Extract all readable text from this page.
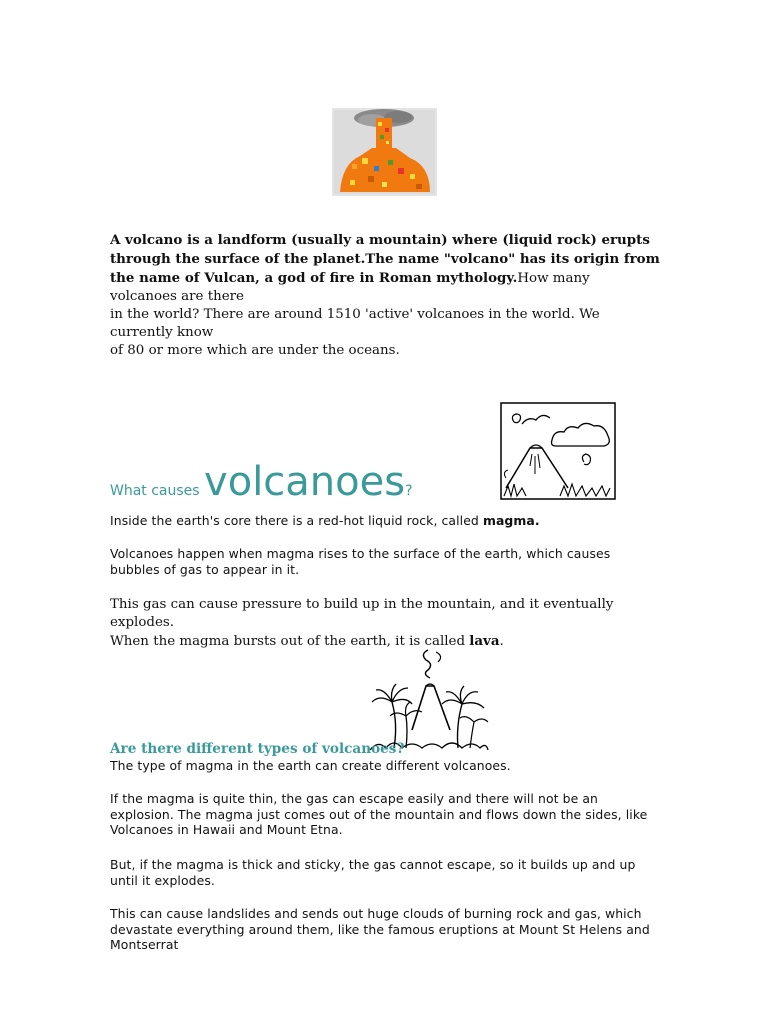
A volcano is a landform (usually a mountain) where (liquid rock) erupts through the surface of the planet.The name "volcano" has its origin from the name of Vulcan, a god of fire in Roman mythology.How many volcanoes are there
in the world? There are around 1510 'active' volcanoes in the world. We currently know
of 80 or more which are under the oceans.
What causes volcanoes?
Inside the earth's core there is a red-hot liquid rock, called magma.
Volcanoes happen when magma rises to the surface of the earth, which causes bubbles of gas to appear in it.
This gas can cause pressure to build up in the mountain, and it eventually explodes.
When the magma bursts out of the earth, it is called lava.
Are there different types of volcanoes?
The type of magma in the earth can create different volcanoes.
If the magma is quite thin, the gas can escape easily and there will not be an explosion. The magma just comes out of the mountain and flows down the sides, like Volcanoes in Hawaii and Mount Etna.
But, if the magma is thick and sticky, the gas cannot escape, so it builds up and up until it explodes.
This can cause landslides and sends out huge clouds of burning rock and gas, which devastate everything around them, like the famous eruptions at Mount St Helens and Montserrat
